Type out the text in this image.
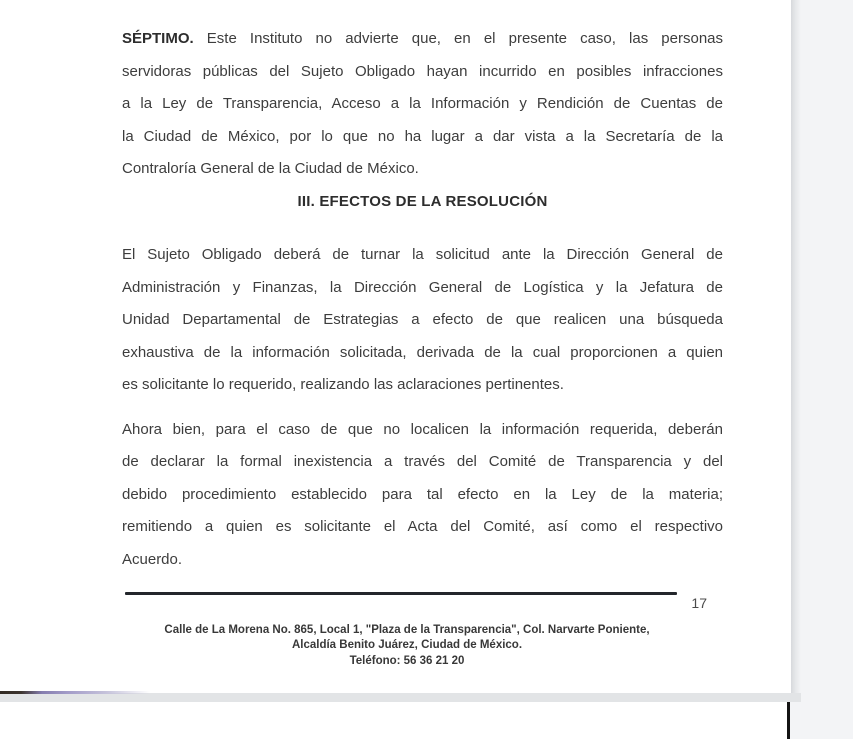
SÉPTIMO. Este Instituto no advierte que, en el presente caso, las personas
servidoras públicas del Sujeto Obligado hayan incurrido en posibles infracciones
a la Ley de Transparencia, Acceso a la Información y Rendición de Cuentas de
la Ciudad de México, por lo que no ha lugar a dar vista a la Secretaría de la
Contraloría General de la Ciudad de México.
III. EFECTOS DE LA RESOLUCIÓN
El Sujeto Obligado deberá de turnar la solicitud ante la Dirección General de
Administración y Finanzas, la Dirección General de Logística y la Jefatura de
Unidad Departamental de Estrategias a efecto de que realicen una búsqueda
exhaustiva de la información solicitada, derivada de la cual proporcionen a quien
es solicitante lo requerido, realizando las aclaraciones pertinentes.
Ahora bien, para el caso de que no localicen la información requerida, deberán
de declarar la formal inexistencia a través del Comité de Transparencia y del
debido procedimiento establecido para tal efecto en la Ley de la materia;
remitiendo a quien es solicitante el Acta del Comité, así como el respectivo
Acuerdo.
17
Calle de La Morena No. 865, Local 1, "Plaza de la Transparencia", Col. Narvarte Poniente,
Alcaldía Benito Juárez, Ciudad de México.
Teléfono: 56 36 21 20
